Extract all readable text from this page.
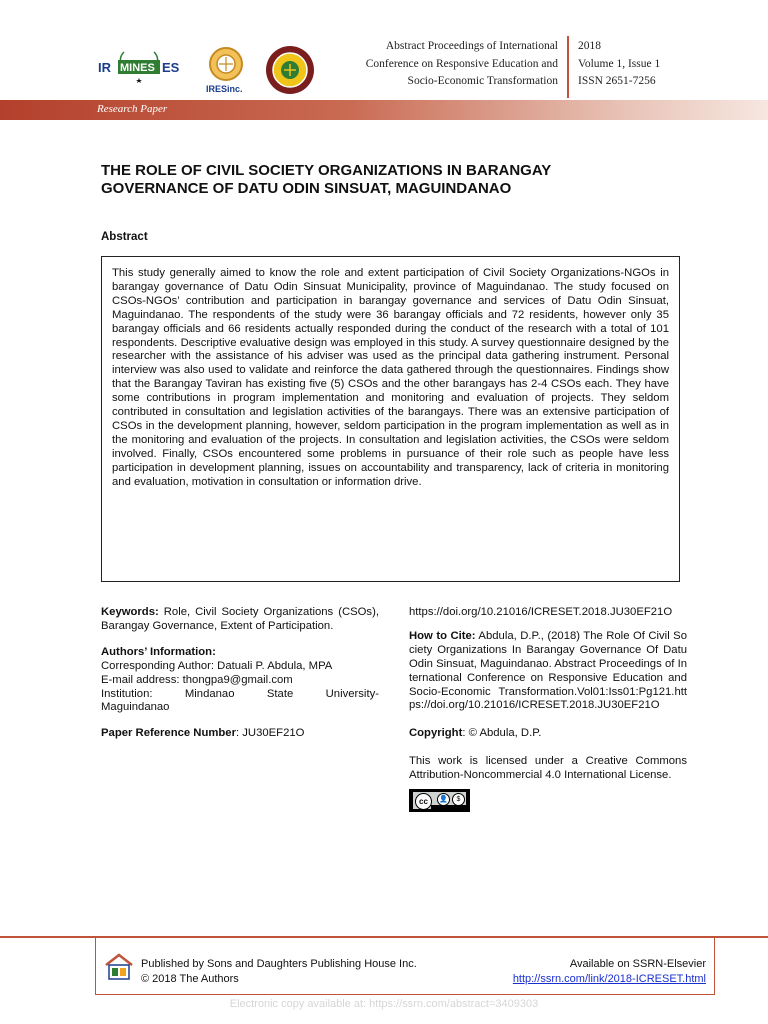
IR MINES ES
IRESinc.
Abstract Proceedings of International
Conference on Responsive Education and
Socio-Economic Transformation
2018
Volume 1, Issue 1
ISSN 2651-7256
Research Paper
THE ROLE OF CIVIL SOCIETY ORGANIZATIONS IN BARANGAY GOVERNANCE OF DATU ODIN SINSUAT, MAGUINDANAO
Abstract
This study generally aimed to know the role and extent participation of Civil Society Organizations-NGOs in barangay governance of Datu Odin Sinsuat Municipality, province of Maguindanao. The study focused on CSOs-NGOs’ contribution and participation in barangay governance and services of Datu Odin Sinsuat, Maguindanao. The respondents of the study were 36 barangay officials and 72 residents, however only 35 barangay officials and 66 residents actually responded during the conduct of the research with a total of 101 respondents. Descriptive evaluative design was employed in this study. A survey questionnaire designed by the researcher with the assistance of his adviser was used as the principal data gathering instrument. Personal interview was also used to validate and reinforce the data gathered through the questionnaires. Findings show that the Barangay Taviran has existing five (5) CSOs and the other barangays has 2-4 CSOs each. They have some contributions in program implementation and monitoring and evaluation of projects. They seldom contributed in consultation and legislation activities of the barangays. There was an extensive participation of CSOs in the development planning, however, seldom participation in the program implementation as well as in the monitoring and evaluation of the projects. In consultation and legislation activities, the CSOs were seldom involved. Finally, CSOs encountered some problems in pursuance of their role such as people have less participation in development planning, issues on accountability and transparency, lack of criteria in monitoring and evaluation, motivation in consultation or information drive.
Keywords: Role, Civil Society Organizations (CSOs), Barangay Governance, Extent of Participation.
Authors’ Information:
Corresponding Author: Datuali P. Abdula, MPA
E-mail address: thongpa9@gmail.com

Institution:     Mindanao     State     University-Maguindanao
Paper Reference Number: JU30EF21O
https://doi.org/10.21016/ICRESET.2018.JU30EF21O
How to Cite: Abdula, D.P., (2018) The Role Of Civil Society Organizations In Barangay Governance Of Datu Odin Sinsuat, Maguindanao. Abstract Proceedings of International Conference on Responsive Education and Socio-Economic Transformation.Vol01:Iss01:Pg121.https://doi.org/10.21016/ICRESET.2018.JU30EF21O
Copyright: © Abdula, D.P.
This work is licensed under a Creative Commons Attribution-Noncommercial 4.0 International License.
cc	👤	$
Published by Sons and Daughters Publishing House Inc.
© 2018 The Authors
Available on SSRN-Elsevier
http://ssrn.com/link/2018-ICRESET.html
Electronic copy available at: https://ssrn.com/abstract=3409303
